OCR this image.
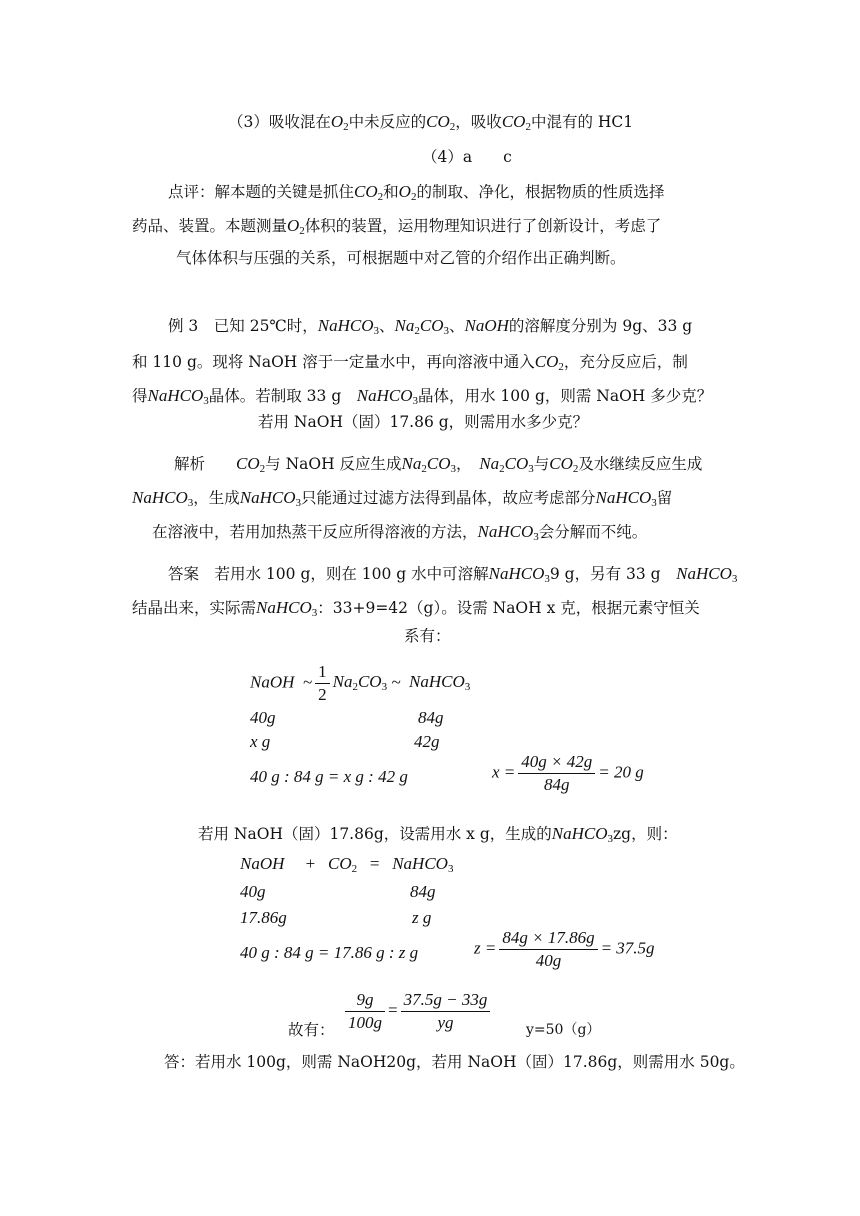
（3）吸收混在$O_2$中未反应的$CO_2$，吸收$CO_2$中混有的 HC1
（4）a　　c
点评：解本题的关键是抓住$CO_2$和$O_2$的制取、净化，根据物质的性质选择
药品、装置。本题测量$O_2$体积的装置，运用物理知识进行了创新设计，考虑了
气体体积与压强的关系，可根据题中对乙管的介绍作出正确判断。
例 3　已知 25℃时，NaHCO$_3$、$Na_2CO_3$、NaOH的溶解度分别为 9g、33 g
和 110 g。现将 NaOH 溶于一定量水中，再向溶液中通入$CO_2$，充分反应后，制
得NaHCO$_3$晶体。若制取 33 g　 NaHCO$_3$晶体，用水 100 g，则需 NaOH 多少克？
若用 NaOH（固）17.86 g，则需用水多少克？
解析　　 $CO_2$与 NaOH 反应生成$Na_2CO_3$，　 $Na_2CO_3$与$CO_2$及水继续反应生成
NaHCO$_3$，生成NaHCO$_3$只能通过过滤方法得到晶体，故应考虑部分NaHCO$_3$留
在溶液中，若用加热蒸干反应所得溶液的方法，NaHCO$_3$会分解而不纯。
答案　若用水 100 g，则在 100 g 水中可溶解NaHCO$_3$9 g，另有 33 g　 NaHCO$_3$
结晶出来，实际需NaHCO$_3$：33+9=42（g）。设需 NaOH x 克，根据元素守恒关
系有：
NaOH ~ $\frac{1}{2} Na_2CO_3$ ~ NaHCO$_3$
40g	84g
x g	42g
40 g : 84 g = x g : 42 g	$x = \frac{40g \times 42g}{84g} = 20$ g
若用 NaOH（固）17.86g，设需用水 x g，生成的NaHCO$_3$zg，则：
NaOH + $CO_2$ = NaHCO$_3$
40g	84g
17.86g	z g
40 g : 84 g = 17.86 g : z g	$z = \frac{84g \times 17.86g}{40g} = 37.5g$
$\frac{9g}{100g} = \frac{37.5g - 33g}{yg}$
故有：	y=50（g）
答：若用水 100g，则需 NaOH20g，若用 NaOH（固）17.86g，则需用水 50g。
